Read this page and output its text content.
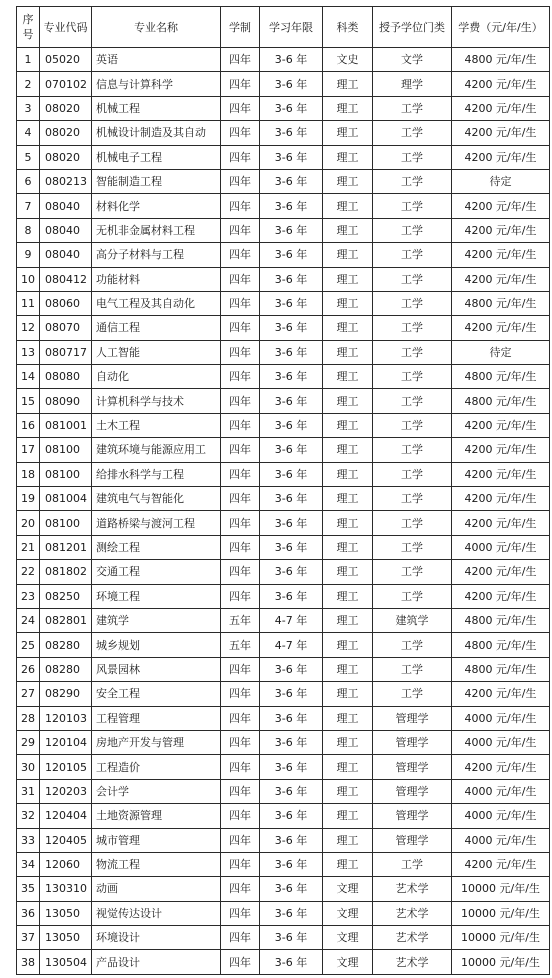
序号	专业代码	专业名称	学制	学习年限	科类	授予学位门类	学费（元/年/生）
1	05020	英语	四年	3-6 年	文史	文学	4800 元/年/生
2	070102	信息与计算科学	四年	3-6 年	理工	理学	4200 元/年/生
3	08020	机械工程	四年	3-6 年	理工	工学	4200 元/年/生
4	08020	机械设计制造及其自动	四年	3-6 年	理工	工学	4200 元/年/生
5	08020	机械电子工程	四年	3-6 年	理工	工学	4200 元/年/生
6	080213	智能制造工程	四年	3-6 年	理工	工学	待定
7	08040	材料化学	四年	3-6 年	理工	工学	4200 元/年/生
8	08040	无机非金属材料工程	四年	3-6 年	理工	工学	4200 元/年/生
9	08040	高分子材料与工程	四年	3-6 年	理工	工学	4200 元/年/生
10	080412	功能材料	四年	3-6 年	理工	工学	4200 元/年/生
11	08060	电气工程及其自动化	四年	3-6 年	理工	工学	4800 元/年/生
12	08070	通信工程	四年	3-6 年	理工	工学	4200 元/年/生
13	080717	人工智能	四年	3-6 年	理工	工学	待定
14	08080	自动化	四年	3-6 年	理工	工学	4800 元/年/生
15	08090	计算机科学与技术	四年	3-6 年	理工	工学	4800 元/年/生
16	081001	土木工程	四年	3-6 年	理工	工学	4200 元/年/生
17	08100	建筑环境与能源应用工	四年	3-6 年	理工	工学	4200 元/年/生
18	08100	给排水科学与工程	四年	3-6 年	理工	工学	4200 元/年/生
19	081004	建筑电气与智能化	四年	3-6 年	理工	工学	4200 元/年/生
20	08100	道路桥梁与渡河工程	四年	3-6 年	理工	工学	4200 元/年/生
21	081201	测绘工程	四年	3-6 年	理工	工学	4000 元/年/生
22	081802	交通工程	四年	3-6 年	理工	工学	4200 元/年/生
23	08250	环境工程	四年	3-6 年	理工	工学	4200 元/年/生
24	082801	建筑学	五年	4-7 年	理工	建筑学	4800 元/年/生
25	08280	城乡规划	五年	4-7 年	理工	工学	4800 元/年/生
26	08280	风景园林	四年	3-6 年	理工	工学	4800 元/年/生
27	08290	安全工程	四年	3-6 年	理工	工学	4200 元/年/生
28	120103	工程管理	四年	3-6 年	理工	管理学	4000 元/年/生
29	120104	房地产开发与管理	四年	3-6 年	理工	管理学	4000 元/年/生
30	120105	工程造价	四年	3-6 年	理工	管理学	4200 元/年/生
31	120203	会计学	四年	3-6 年	理工	管理学	4000 元/年/生
32	120404	土地资源管理	四年	3-6 年	理工	管理学	4000 元/年/生
33	120405	城市管理	四年	3-6 年	理工	管理学	4000 元/年/生
34	12060	物流工程	四年	3-6 年	理工	工学	4200 元/年/生
35	130310	动画	四年	3-6 年	文理	艺术学	10000 元/年/生
36	13050	视觉传达设计	四年	3-6 年	文理	艺术学	10000 元/年/生
37	13050	环境设计	四年	3-6 年	文理	艺术学	10000 元/年/生
38	130504	产品设计	四年	3-6 年	文理	艺术学	10000 元/年/生
